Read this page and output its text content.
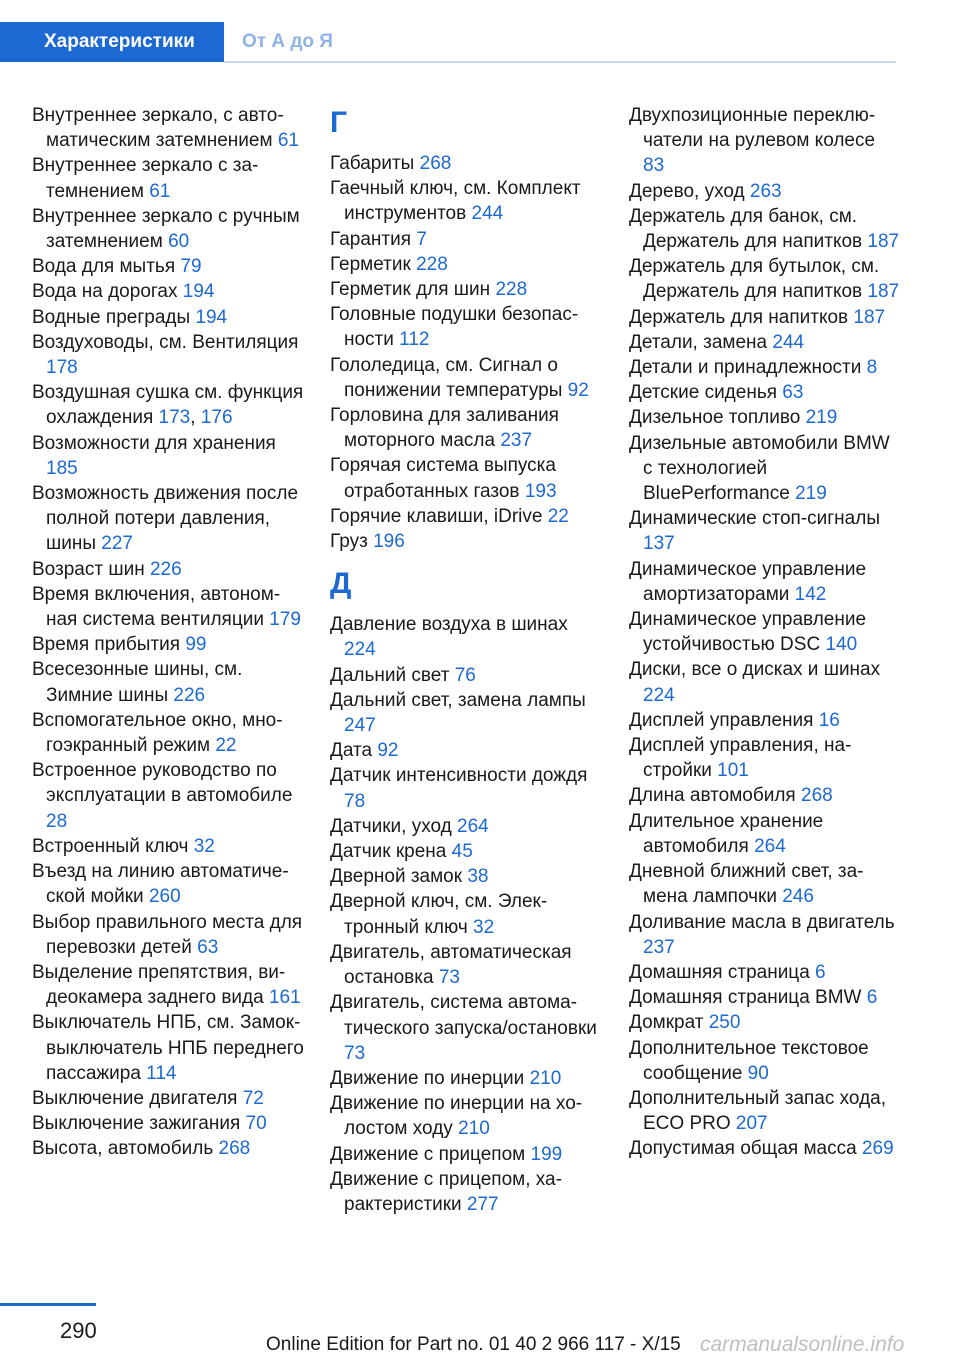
Характеристики	От А до Я

Внутреннее зеркало, с автоматическим затемнением 61

Внутреннее зеркало с затемнением 61

Внутреннее зеркало с ручным затемнением 60

Вода для мытья 79

Вода на дорогах 194

Водные преграды 194

Воздуховоды, см. Вентиляция 178

Воздушная сушка см. функция охлаждения 173, 176

Возможности для хранения 185

Возможность движения после полной потери давления, шины 227

Возраст шин 226

Время включения, автономная система вентиляции 179

Время прибытия 99

Всесезонные шины, см. Зимние шины 226

Вспомогательное окно, многоэкранный режим 22

Встроенное руководство по эксплуатации в автомобиле 28

Встроенный ключ 32

Въезд на линию автоматической мойки 260

Выбор правильного места для перевозки детей 63

Выделение препятствия, видеокамера заднего вида 161

Выключатель НПБ, см. Замок-выключатель НПБ переднего пассажира 114

Выключение двигателя 72

Выключение зажигания 70

Высота, автомобиль 268

Г

Габариты 268

Гаечный ключ, см. Комплект инструментов 244

Гарантия 7

Герметик 228

Герметик для шин 228

Головные подушки безопасности 112

Гололедица, см. Сигнал о понижении температуры 92

Горловина для заливания моторного масла 237

Горячая система выпуска отработанных газов 193

Горячие клавиши, iDrive 22

Груз 196

Д

Давление воздуха в шинах 224

Дальний свет 76

Дальний свет, замена лампы 247

Дата 92

Датчик интенсивности дождя 78

Датчики, уход 264

Датчик крена 45

Дверной замок 38

Дверной ключ, см. Электронный ключ 32

Двигатель, автоматическая остановка 73

Двигатель, система автоматического запуска/остановки 73

Движение по инерции 210

Движение по инерции на холостом ходу 210

Движение с прицепом 199

Движение с прицепом, характеристики 277

Двухпозиционные переключатели на рулевом колесе 83

Дерево, уход 263

Держатель для банок, см. Держатель для напитков 187

Держатель для бутылок, см. Держатель для напитков 187

Держатель для напитков 187

Детали, замена 244

Детали и принадлежности 8

Детские сиденья 63

Дизельное топливо 219

Дизельные автомобили BMW с технологией BluePerformance 219

Динамические стоп-сигналы 137

Динамическое управление амортизаторами 142

Динамическое управление устойчивостью DSC 140

Диски, все о дисках и шинах 224

Дисплей управления 16

Дисплей управления, настройки 101

Длина автомобиля 268

Длительное хранение автомобиля 264

Дневной ближний свет, замена лампочки 246

Доливание масла в двигатель 237

Домашняя страница 6

Домашняя страница BMW 6

Домкрат 250

Дополнительное текстовое сообщение 90

Дополнительный запас хода, ECO PRO 207

Допустимая общая масса 269

290
Online Edition for Part no. 01 40 2 966 117 - X/15 carmanualsonline.info
